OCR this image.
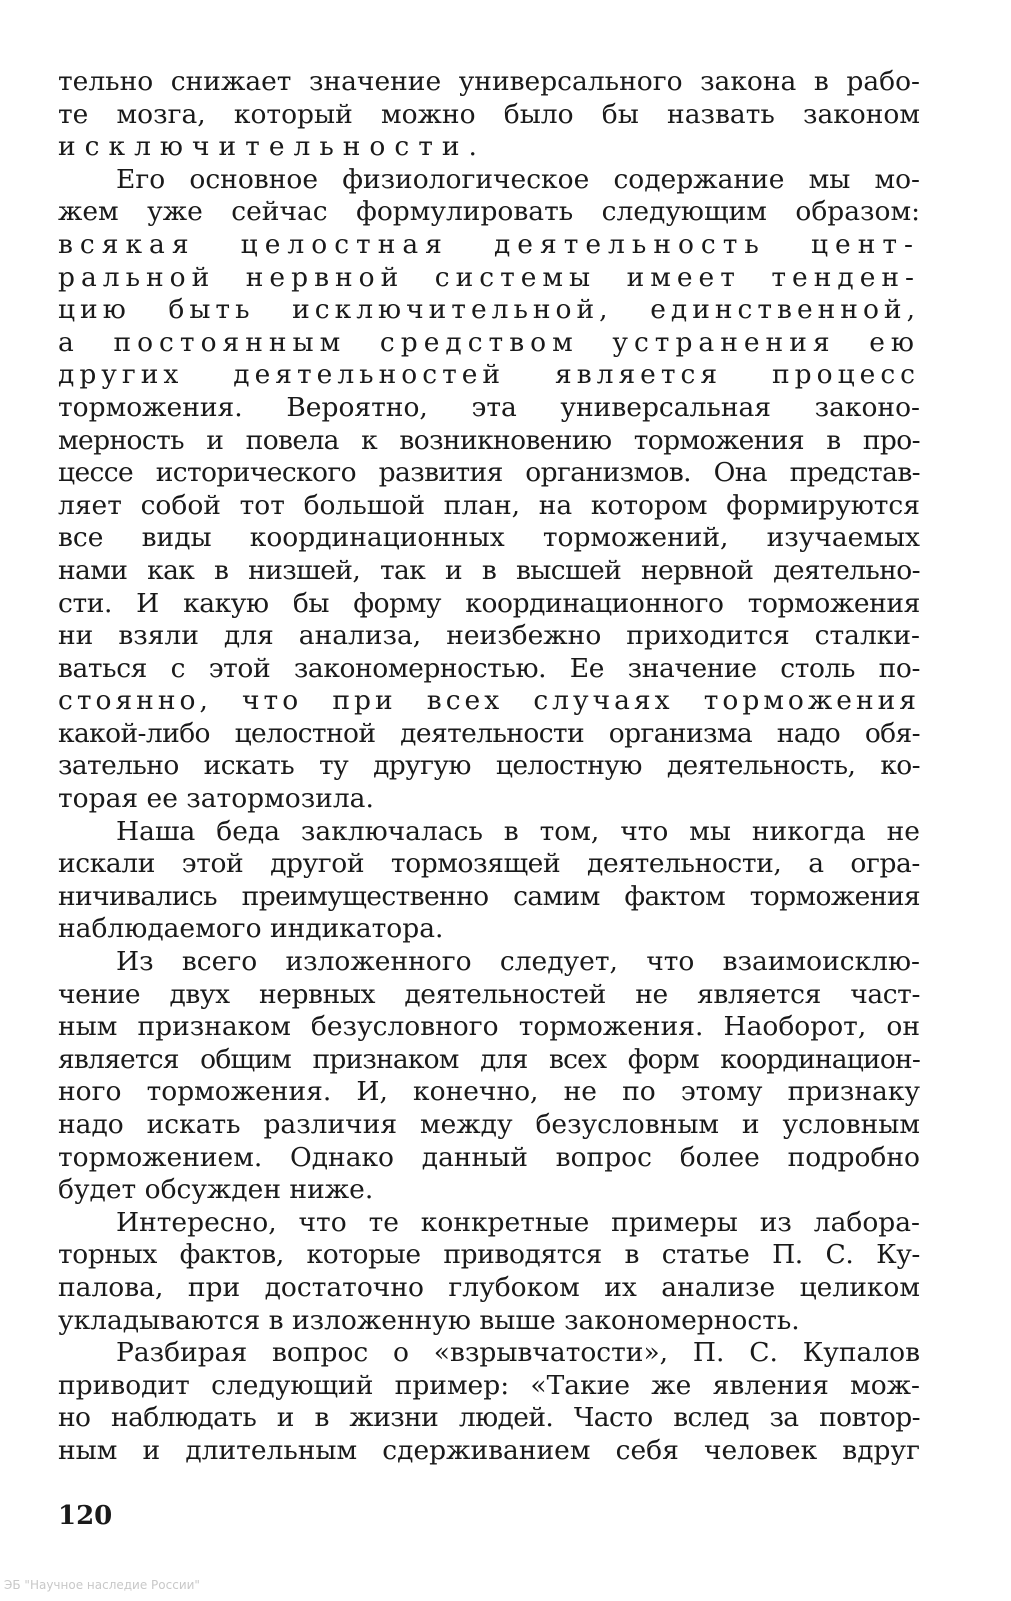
тельно снижает значение универсального закона в рабо-
те мозга, который можно было бы назвать законом
исключительности.
Его основное физиологическое содержание мы мо-
жем уже сейчас формулировать следующим образом:
всякая целостная деятельность цент-
ральной нервной системы имеет тенден-
цию быть исключительной, единственной,
а постоянным средством устранения ею
других деятельностей является процесс
торможения. Вероятно, эта универсальная законо-
мерность и повела к возникновению торможения в про-
цессе исторического развития организмов. Она представ-
ляет собой тот большой план, на котором формируются
все виды координационных торможений, изучаемых
нами как в низшей, так и в высшей нервной деятельно-
сти. И какую бы форму координационного торможения
ни взяли для анализа, неизбежно приходится сталки-
ваться с этой закономерностью. Ее значение столь по-
стоянно, что при всех случаях торможения
какой-либо целостной деятельности организма надо обя-
зательно искать ту другую целостную деятельность, ко-
торая ее затормозила.
Наша беда заключалась в том, что мы никогда не
искали этой другой тормозящей деятельности, а огра-
ничивались преимущественно самим фактом торможения
наблюдаемого индикатора.
Из всего изложенного следует, что взаимоисклю-
чение двух нервных деятельностей не является част-
ным признаком безусловного торможения. Наоборот, он
является общим признаком для всех форм координацион-
ного торможения. И, конечно, не по этому признаку
надо искать различия между безусловным и условным
торможением. Однако данный вопрос более подробно
будет обсужден ниже.
Интересно, что те конкретные примеры из лабора-
торных фактов, которые приводятся в статье П. С. Ку-
палова, при достаточно глубоком их анализе целиком
укладываются в изложенную выше закономерность.
Разбирая вопрос о «взрывчатости», П. С. Купалов
приводит следующий пример: «Такие же явления мож-
но наблюдать и в жизни людей. Часто вслед за повтор-
ным и длительным сдерживанием себя человек вдруг
120
ЭБ "Научное наследие России"
